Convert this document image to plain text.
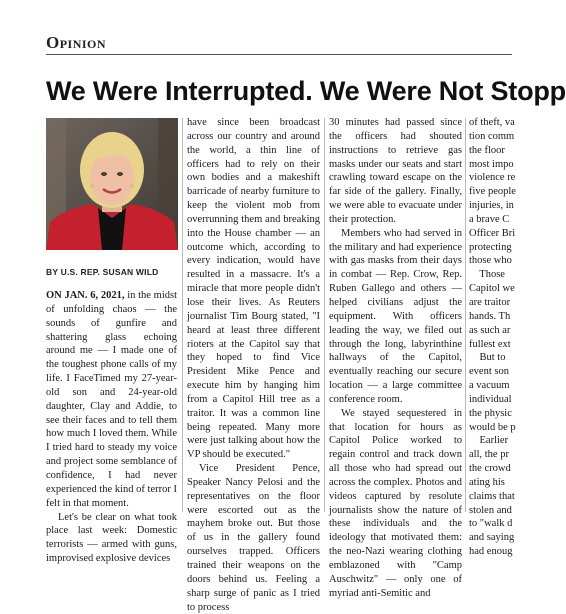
Opinion
We Were Interrupted. We Were Not Stopp
BY U.S. REP. SUSAN WILD

ON JAN. 6, 2021, in the midst of unfolding chaos — the sounds of gunfire and shattering glass echoing around me — I made one of the toughest phone calls of my life. I FaceTimed my 27-year-old son and 24-year-old daughter, Clay and Addie, to see their faces and to tell them how much I loved them. While I tried hard to steady my voice and project some semblance of confidence, I had never experienced the kind of terror I felt in that moment.

Let's be clear on what took place last week: Domestic terrorists — armed with guns, improvised explosive devices

have since been broadcast across our country and around the world, a thin line of officers had to rely on their own bodies and a makeshift barricade of nearby furniture to keep the violent mob from overrunning them and breaking into the House chamber — an outcome which, according to every indication, would have resulted in a massacre. It's a miracle that more people didn't lose their lives. As Reuters journalist Tim Bourg stated, "I heard at least three different rioters at the Capitol say that they hoped to find Vice President Mike Pence and execute him by hanging him from a Capitol Hill tree as a traitor. It was a common line being repeated. Many more were just talking about how the VP should be executed."

Vice President Pence, Speaker Nancy Pelosi and the representatives on the floor were escorted out as the mayhem broke out. But those of us in the gallery found ourselves trapped. Officers trained their weapons on the doors behind us. Feeling a sharp surge of panic as I tried to process

30 minutes had passed since the officers had shouted instructions to retrieve gas masks under our seats and start crawling toward escape on the far side of the gallery. Finally, we were able to evacuate under their protection.

Members who had served in the military and had experience with gas masks from their days in combat — Rep. Crow, Rep. Ruben Gallego and others — helped civilians adjust the equipment. With officers leading the way, we filed out through the long, labyrinthine hallways of the Capitol, eventually reaching our secure location — a large committee conference room.

We stayed sequestered in that location for hours as Capitol Police worked to regain control and track down all those who had spread out across the complex. Photos and videos captured by resolute journalists show the nature of these individuals and the ideology that motivated them: the neo-Nazi wearing clothing emblazoned with "Camp Auschwitz" — only one of myriad anti-Semitic and

of theft, va
tion comm
the floor
most impo
violence re
five people
injuries, in
a brave C
Officer Bri
protecting
those who
Those
Capitol we
are traitor
hands. Th
as such ar
fullest ext
But to
event son
a vacuum
individual
the physic
would be p
Earlier
all, the pr
the crowd
ating his
claims that
stolen and
to "walk d
and saying
had enoug
